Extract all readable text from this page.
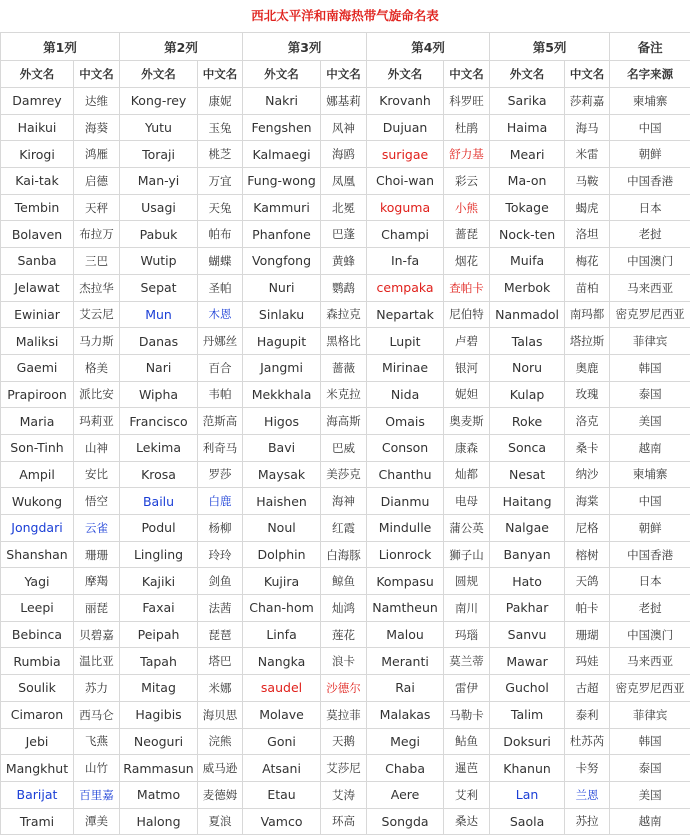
西北太平洋和南海热带气旋命名表
第1列		第2列		第3列		第4列		第5列		备注
外文名	中文名	外文名	中文名	外文名	中文名	外文名	中文名	外文名	中文名	名字来源
Damrey	达维	Kong-rey	康妮	Nakri	娜基莉	Krovanh	科罗旺	Sarika	莎莉嘉	柬埔寨
Haikui	海葵	Yutu	玉兔	Fengshen	风神	Dujuan	杜鹃	Haima	海马	中国
Kirogi	鸿雁	Toraji	桃芝	Kalmaegi	海鸥	surigae	舒力基	Meari	米雷	朝鲜
Kai-tak	启德	Man-yi	万宜	Fung-wong	凤凰	Choi-wan	彩云	Ma-on	马鞍	中国香港
Tembin	天秤	Usagi	天兔	Kammuri	北冕	koguma	小熊	Tokage	蝎虎	日本
Bolaven	布拉万	Pabuk	帕布	Phanfone	巴蓬	Champi	蔷琵	Nock-ten	洛坦	老挝
Sanba	三巴	Wutip	蝴蝶	Vongfong	黄蜂	In-fa	烟花	Muifa	梅花	中国澳门
Jelawat	杰拉华	Sepat	圣帕	Nuri	鹦鹉	cempaka	查帕卡	Merbok	苗柏	马来西亚
Ewiniar	艾云尼	Mun	木恩	Sinlaku	森拉克	Nepartak	尼伯特	Nanmadol	南玛都	密克罗尼西亚
Maliksi	马力斯	Danas	丹娜丝	Hagupit	黑格比	Lupit	卢碧	Talas	塔拉斯	菲律宾
Gaemi	格美	Nari	百合	Jangmi	蔷薇	Mirinae	银河	Noru	奥鹿	韩国
Prapiroon	派比安	Wipha	韦帕	Mekkhala	米克拉	Nida	妮妲	Kulap	玫瑰	泰国
Maria	玛莉亚	Francisco	范斯高	Higos	海高斯	Omais	奥麦斯	Roke	洛克	美国
Son-Tinh	山神	Lekima	利奇马	Bavi	巴威	Conson	康森	Sonca	桑卡	越南
Ampil	安比	Krosa	罗莎	Maysak	美莎克	Chanthu	灿都	Nesat	纳沙	柬埔寨
Wukong	悟空	Bailu	白鹿	Haishen	海神	Dianmu	电母	Haitang	海棠	中国
Jongdari	云雀	Podul	杨柳	Noul	红霞	Mindulle	蒲公英	Nalgae	尼格	朝鲜
Shanshan	珊珊	Lingling	玲玲	Dolphin	白海豚	Lionrock	狮子山	Banyan	榕树	中国香港
Yagi	摩羯	Kajiki	剑鱼	Kujira	鲸鱼	Kompasu	圆规	Hato	天鸽	日本
Leepi	丽琵	Faxai	法茜	Chan-hom	灿鸿	Namtheun	南川	Pakhar	帕卡	老挝
Bebinca	贝碧嘉	Peipah	琵琶	Linfa	莲花	Malou	玛瑙	Sanvu	珊瑚	中国澳门
Rumbia	温比亚	Tapah	塔巴	Nangka	浪卡	Meranti	莫兰蒂	Mawar	玛娃	马来西亚
Soulik	苏力	Mitag	米娜	saudel	沙德尔	Rai	雷伊	Guchol	古超	密克罗尼西亚
Cimaron	西马仑	Hagibis	海贝思	Molave	莫拉菲	Malakas	马勒卡	Talim	泰利	菲律宾
Jebi	飞燕	Neoguri	浣熊	Goni	天鹅	Megi	鲇鱼	Doksuri	杜苏芮	韩国
Mangkhut	山竹	Rammasun	威马逊	Atsani	艾莎尼	Chaba	暹芭	Khanun	卡努	泰国
Barijat	百里嘉	Matmo	麦德姆	Etau	艾涛	Aere	艾利	Lan	兰恩	美国
Trami	潭美	Halong	夏浪	Vamco	环高	Songda	桑达	Saola	苏拉	越南
